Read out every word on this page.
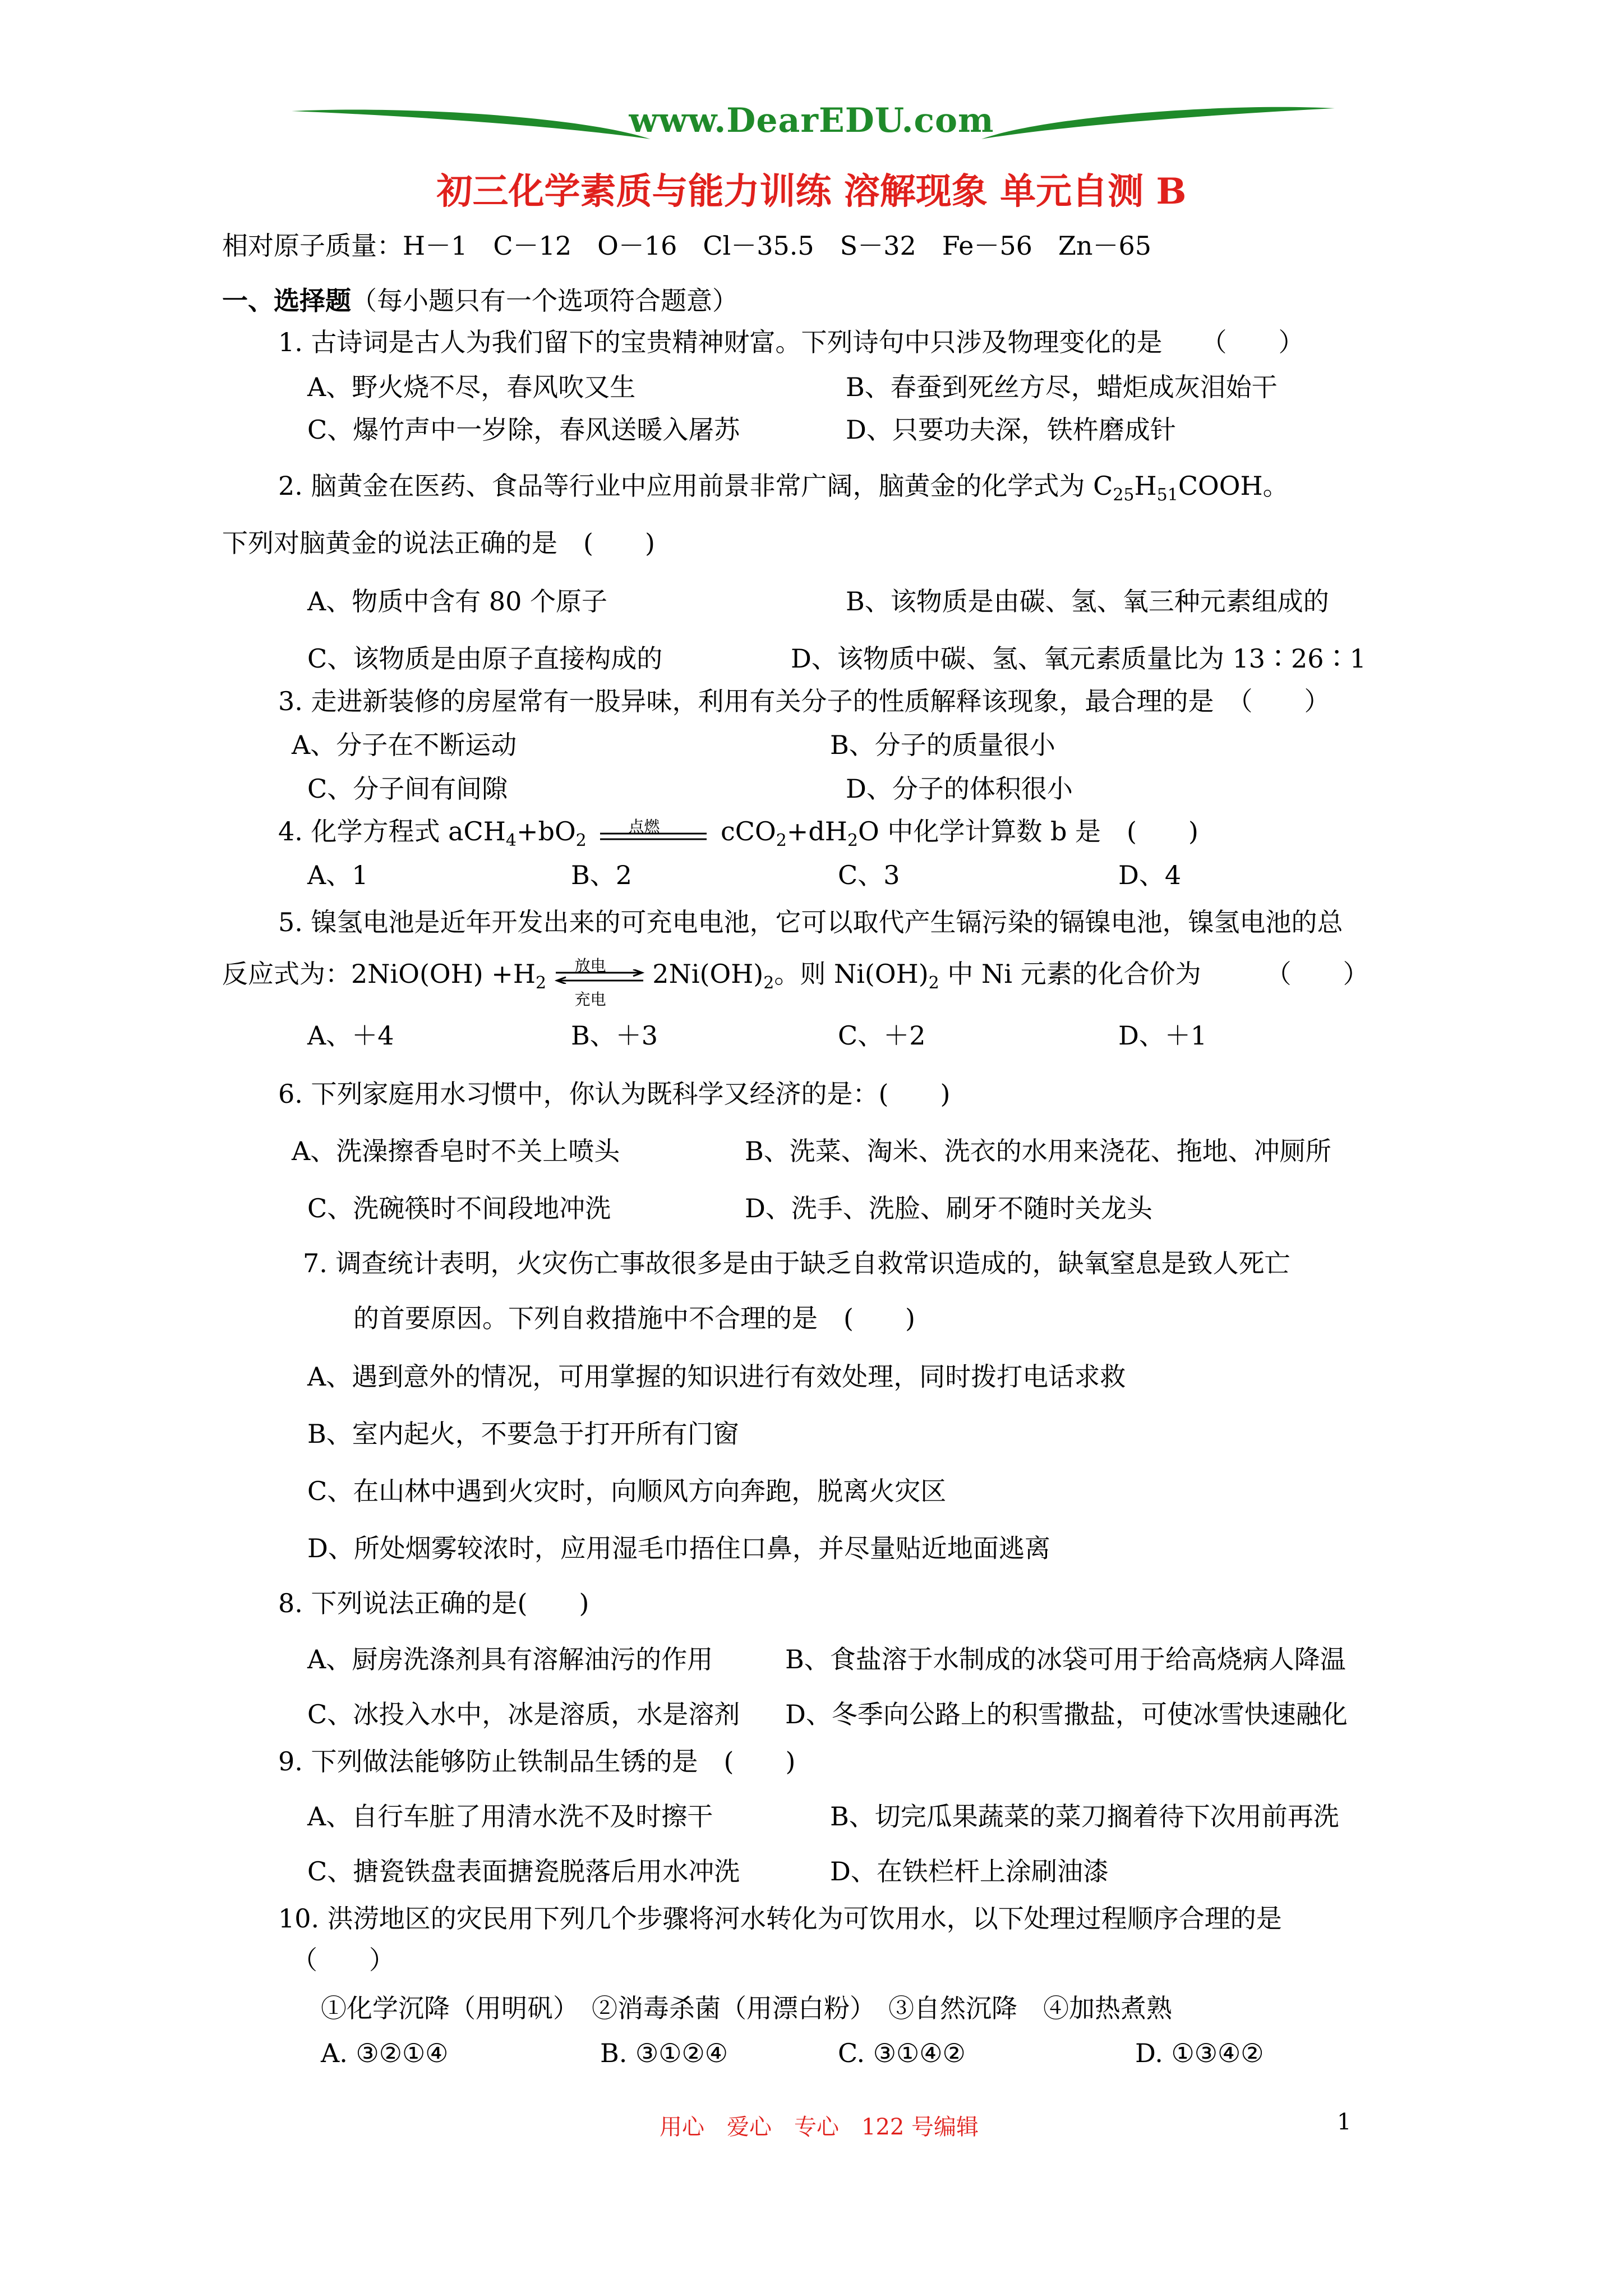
www.DearEDU.com
初三化学素质与能力训练 溶解现象 单元自测 B
相对原子质量：H－1　C－12　O－16　Cl－35.5　S－32　Fe－56　Zn－65
一、选择题（每小题只有一个选项符合题意）
1. 古诗词是古人为我们留下的宝贵精神财富。下列诗句中只涉及物理变化的是　　（　　）
A、野火烧不尽，春风吹又生	B、春蚕到死丝方尽，蜡炬成灰泪始干
C、爆竹声中一岁除，春风送暖入屠苏	D、只要功夫深，铁杵磨成针
2. 脑黄金在医药、食品等行业中应用前景非常广阔，脑黄金的化学式为 $C_{25}H_{51}COOH$。
下列对脑黄金的说法正确的是　(　　)
A、物质中含有 80 个原子	B、该物质是由碳、氢、氧三种元素组成的
C、该物质是由原子直接构成的	D、该物质中碳、氢、氧元素质量比为 13∶26∶1
3. 走进新装修的房屋常有一股异味，利用有关分子的性质解释该现象，最合理的是　（　　）
A、分子在不断运动	B、分子的质量很小
C、分子间有间隙	D、分子的体积很小
4. 化学方程式 $aCH_4+bO_2$
点燃 $cCO_2+dH_2O$ 中化学计算数 b 是　(　　)
A、1	B、2	C、3	D、4
5. 镍氢电池是近年开发出来的可充电电池，它可以取代产生镉污染的镉镍电池，镍氢电池的总
反应式为：$2NiO(OH) +H_2$
放电
充电
$2Ni(OH)_2$。则 $Ni(OH)_2$ 中 Ni 元素的化合价为　　　（　　）
A、＋4	B、＋3	C、＋2	D、＋1
6. 下列家庭用水习惯中，你认为既科学又经济的是：(　　)
A、洗澡擦香皂时不关上喷头	B、洗菜、淘米、洗衣的水用来浇花、拖地、冲厕所
C、洗碗筷时不间段地冲洗	D、洗手、洗脸、刷牙不随时关龙头
7. 调查统计表明，火灾伤亡事故很多是由于缺乏自救常识造成的，缺氧窒息是致人死亡
的首要原因。下列自救措施中不合理的是　(　　)
A、遇到意外的情况，可用掌握的知识进行有效处理，同时拨打电话求救
B、室内起火，不要急于打开所有门窗
C、在山林中遇到火灾时，向顺风方向奔跑，脱离火灾区
D、所处烟雾较浓时，应用湿毛巾捂住口鼻，并尽量贴近地面逃离
8. 下列说法正确的是(　　)
A、厨房洗涤剂具有溶解油污的作用	B、食盐溶于水制成的冰袋可用于给高烧病人降温
C、冰投入水中，冰是溶质，水是溶剂 D、冬季向公路上的积雪撒盐，可使冰雪快速融化
9. 下列做法能够防止铁制品生锈的是　(　　)
A、自行车脏了用清水洗不及时擦干	B、切完瓜果蔬菜的菜刀搁着待下次用前再洗
C、搪瓷铁盘表面搪瓷脱落后用水冲洗	D、在铁栏杆上涂刷油漆
10. 洪涝地区的灾民用下列几个步骤将河水转化为可饮用水，以下处理过程顺序合理的是
（　　）
①化学沉降（用明矾）　②消毒杀菌（用漂白粉）　③自然沉降　④加热煮熟
A. ③②①④	B. ③①②④	C. ③①④②	D. ①③④②
用心　爱心　专心　122 号编辑	1
